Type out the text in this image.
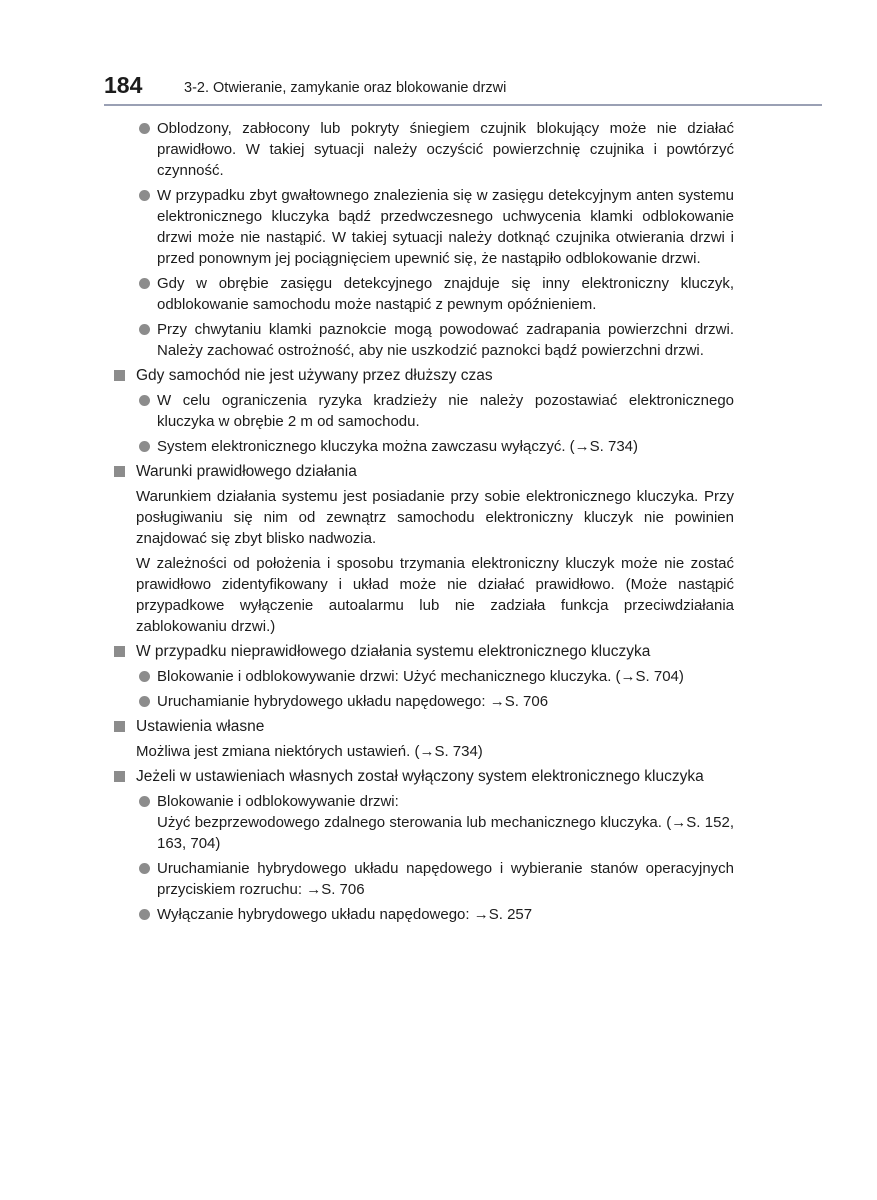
184	3-2. Otwieranie, zamykanie oraz blokowanie drzwi
Oblodzony, zabłocony lub pokryty śniegiem czujnik blokujący może nie działać prawidłowo. W takiej sytuacji należy oczyścić powierzchnię czujnika i powtórzyć czynność.
W przypadku zbyt gwałtownego znalezienia się w zasięgu detekcyjnym anten systemu elektronicznego kluczyka bądź przedwczesnego uchwycenia klamki odblokowanie drzwi może nie nastąpić. W takiej sytuacji należy dotknąć czujnika otwierania drzwi i przed ponownym jej pociągnięciem upewnić się, że nastąpiło odblokowanie drzwi.
Gdy w obrębie zasięgu detekcyjnego znajduje się inny elektroniczny kluczyk, odblokowanie samochodu może nastąpić z pewnym opóźnieniem.
Przy chwytaniu klamki paznokcie mogą powodować zadrapania powierzchni drzwi. Należy zachować ostrożność, aby nie uszkodzić paznokci bądź powierzchni drzwi.
Gdy samochód nie jest używany przez dłuższy czas
W celu ograniczenia ryzyka kradzieży nie należy pozostawiać elektronicznego kluczyka w obrębie 2 m od samochodu.
System elektronicznego kluczyka można zawczasu wyłączyć. (→S. 734)
Warunki prawidłowego działania
Warunkiem działania systemu jest posiadanie przy sobie elektronicznego kluczyka. Przy posługiwaniu się nim od zewnątrz samochodu elektroniczny kluczyk nie powinien znajdować się zbyt blisko nadwozia.
W zależności od położenia i sposobu trzymania elektroniczny kluczyk może nie zostać prawidłowo zidentyfikowany i układ może nie działać prawidłowo. (Może nastąpić przypadkowe wyłączenie autoalarmu lub nie zadziała funkcja przeciwdziałania zablokowaniu drzwi.)
W przypadku nieprawidłowego działania systemu elektronicznego kluczyka
Blokowanie i odblokowywanie drzwi: Użyć mechanicznego kluczyka. (→S. 704)
Uruchamianie hybrydowego układu napędowego: →S. 706
Ustawienia własne
Możliwa jest zmiana niektórych ustawień. (→S. 734)
Jeżeli w ustawieniach własnych został wyłączony system elektronicznego kluczyka
Blokowanie i odblokowywanie drzwi:
Użyć bezprzewodowego zdalnego sterowania lub mechanicznego kluczyka. (→S. 152, 163, 704)
Uruchamianie hybrydowego układu napędowego i wybieranie stanów operacyjnych przyciskiem rozruchu: →S. 706
Wyłączanie hybrydowego układu napędowego: →S. 257
